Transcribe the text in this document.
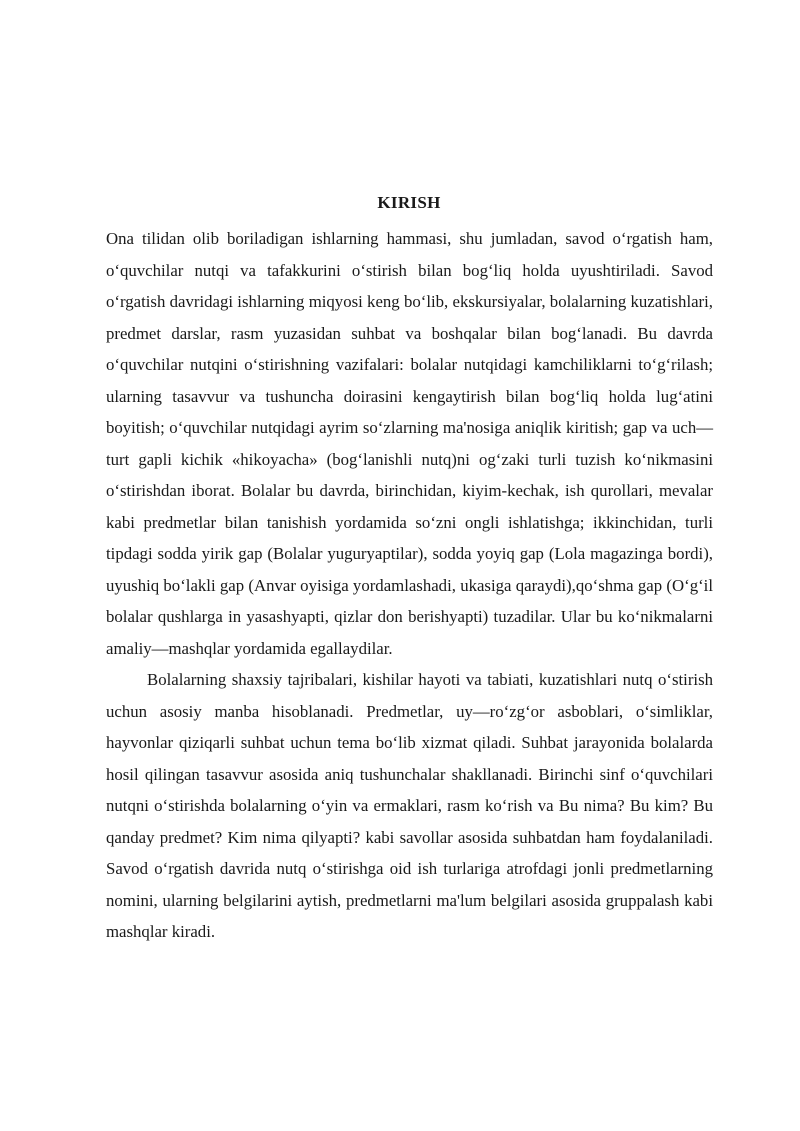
KIRISH

Ona tilidan olib boriladigan ishlarning hammasi, shu jumladan, savod o‘rgatish ham, o‘quvchilar nutqi va tafakkurini o‘stirish bilan bog‘liq holda uyushtiriladi. Savod o‘rgatish davridagi ishlarning miqyosi keng bo‘lib, ekskursiyalar, bolalarning kuzatishlari, predmet darslar, rasm yuzasidan suhbat va boshqalar bilan bog‘lanadi. Bu davrda o‘quvchilar nutqini o‘stirishning vazifalari: bolalar nutqidagi kamchiliklarni to‘g‘rilash; ularning tasavvur va tushuncha doirasini kengaytirish bilan bog‘liq holda lug‘atini boyitish; o‘quvchilar nutqidagi ayrim so‘zlarning ma'nosiga aniqlik kiritish; gap va uch—turt gapli kichik «hikoyacha» (bog‘lanishli nutq)ni og‘zaki turli tuzish ko‘nikmasini o‘stirishdan iborat. Bolalar bu davrda, birinchidan, kiyim-kechak, ish qurollari, mevalar kabi predmetlar bilan tanishish yordamida so‘zni ongli ishlatishga; ikkinchidan, turli tipdagi sodda yirik gap (Bolalar yuguryaptilar), sodda yoyiq gap (Lola magazinga bordi), uyushiq bo‘lakli gap (Anvar oyisiga yordamlashadi, ukasiga qaraydi),qo‘shma gap (O‘g‘il bolalar qushlarga in yasashyapti, qizlar don berishyapti) tuzadilar. Ular bu ko‘nikmalarni amaliy—mashqlar yordamida egallaydilar.

Bolalarning shaxsiy tajribalari, kishilar hayoti va tabiati, kuzatishlari nutq o‘stirish uchun asosiy manba hisoblanadi. Predmetlar, uy—ro‘zg‘or asboblari, o‘simliklar, hayvonlar qiziqarli suhbat uchun tema bo‘lib xizmat qiladi. Suhbat jarayonida bolalarda hosil qilingan tasavvur asosida aniq tushunchalar shakllanadi. Birinchi sinf o‘quvchilari nutqni o‘stirishda bolalarning o‘yin va ermaklari, rasm ko‘rish va Bu nima? Bu kim? Bu qanday predmet? Kim nima qilyapti? kabi savollar asosida suhbatdan ham foydalaniladi. Savod o‘rgatish davrida nutq o‘stirishga oid ish turlariga atrofdagi jonli predmetlarning nomini, ularning belgilarini aytish, predmetlarni ma'lum belgilari asosida gruppalash kabi mashqlar kiradi.
